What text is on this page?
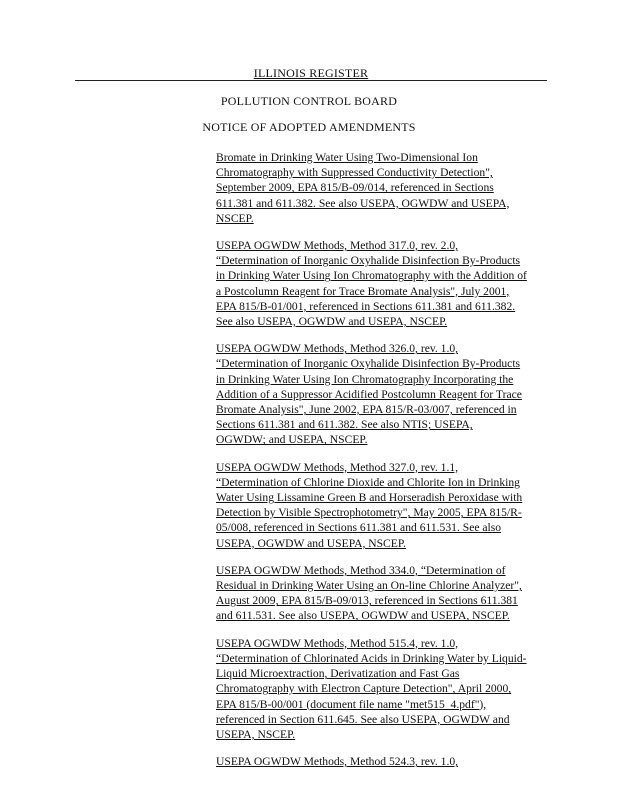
ILLINOIS REGISTER
POLLUTION CONTROL BOARD
NOTICE OF ADOPTED AMENDMENTS
Bromate in Drinking Water Using Two-Dimensional Ion
Chromatography with Suppressed Conductivity Detection",
September 2009, EPA 815/B-09/014, referenced in Sections
611.381 and 611.382. See also USEPA, OGWDW and USEPA,
NSCEP.
USEPA OGWDW Methods, Method 317.0, rev. 2.0,
“Determination of Inorganic Oxyhalide Disinfection By-Products
in Drinking Water Using Ion Chromatography with the Addition of
a Postcolumn Reagent for Trace Bromate Analysis", July 2001,
EPA 815/B-01/001, referenced in Sections 611.381 and 611.382.
See also USEPA, OGWDW and USEPA, NSCEP.
USEPA OGWDW Methods, Method 326.0, rev. 1.0,
“Determination of Inorganic Oxyhalide Disinfection By-Products
in Drinking Water Using Ion Chromatography Incorporating the
Addition of a Suppressor Acidified Postcolumn Reagent for Trace
Bromate Analysis", June 2002, EPA 815/R-03/007, referenced in
Sections 611.381 and 611.382. See also NTIS; USEPA,
OGWDW; and USEPA, NSCEP.
USEPA OGWDW Methods, Method 327.0, rev. 1.1,
“Determination of Chlorine Dioxide and Chlorite Ion in Drinking
Water Using Lissamine Green B and Horseradish Peroxidase with
Detection by Visible Spectrophotometry", May 2005, EPA 815/R-
05/008, referenced in Sections 611.381 and 611.531. See also
USEPA, OGWDW and USEPA, NSCEP.
USEPA OGWDW Methods, Method 334.0, “Determination of
Residual in Drinking Water Using an On-line Chlorine Analyzer",
August 2009, EPA 815/B-09/013, referenced in Sections 611.381
and 611.531. See also USEPA, OGWDW and USEPA, NSCEP.
USEPA OGWDW Methods, Method 515.4, rev. 1.0,
“Determination of Chlorinated Acids in Drinking Water by Liquid-
Liquid Microextraction, Derivatization and Fast Gas
Chromatography with Electron Capture Detection", April 2000,
EPA 815/B-00/001 (document file name "met515_4.pdf"),
referenced in Section 611.645. See also USEPA, OGWDW and
USEPA, NSCEP.
USEPA OGWDW Methods, Method 524.3, rev. 1.0,
